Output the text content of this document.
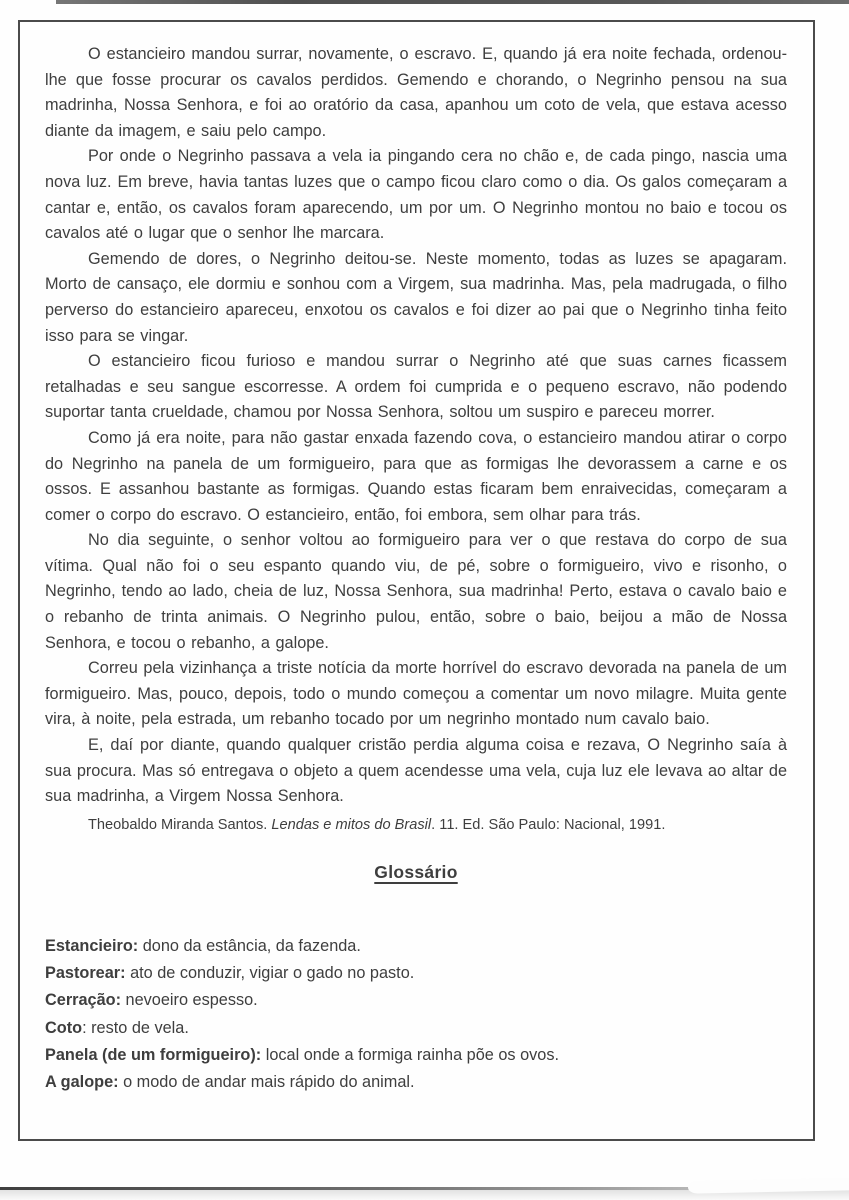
O estancieiro mandou surrar, novamente, o escravo. E, quando já era noite fechada, ordenou-lhe que fosse procurar os cavalos perdidos. Gemendo e chorando, o Negrinho pensou na sua madrinha, Nossa Senhora, e foi ao oratório da casa, apanhou um coto de vela, que estava acesso diante da imagem, e saiu pelo campo.

Por onde o Negrinho passava a vela ia pingando cera no chão e, de cada pingo, nascia uma nova luz. Em breve, havia tantas luzes que o campo ficou claro como o dia. Os galos começaram a cantar e, então, os cavalos foram aparecendo, um por um. O Negrinho montou no baio e tocou os cavalos até o lugar que o senhor lhe marcara.

Gemendo de dores, o Negrinho deitou-se. Neste momento, todas as luzes se apagaram. Morto de cansaço, ele dormiu e sonhou com a Virgem, sua madrinha. Mas, pela madrugada, o filho perverso do estancieiro apareceu, enxotou os cavalos e foi dizer ao pai que o Negrinho tinha feito isso para se vingar.

O estancieiro ficou furioso e mandou surrar o Negrinho até que suas carnes ficassem retalhadas e seu sangue escorresse. A ordem foi cumprida e o pequeno escravo, não podendo suportar tanta crueldade, chamou por Nossa Senhora, soltou um suspiro e pareceu morrer.

Como já era noite, para não gastar enxada fazendo cova, o estancieiro mandou atirar o corpo do Negrinho na panela de um formigueiro, para que as formigas lhe devorassem a carne e os ossos. E assanhou bastante as formigas. Quando estas ficaram bem enraivecidas, começaram a comer o corpo do escravo. O estancieiro, então, foi embora, sem olhar para trás.

No dia seguinte, o senhor voltou ao formigueiro para ver o que restava do corpo de sua vítima. Qual não foi o seu espanto quando viu, de pé, sobre o formigueiro, vivo e risonho, o Negrinho, tendo ao lado, cheia de luz, Nossa Senhora, sua madrinha! Perto, estava o cavalo baio e o rebanho de trinta animais. O Negrinho pulou, então, sobre o baio, beijou a mão de Nossa Senhora, e tocou o rebanho, a galope.

Correu pela vizinhança a triste notícia da morte horrível do escravo devorada na panela de um formigueiro. Mas, pouco, depois, todo o mundo começou a comentar um novo milagre. Muita gente vira, à noite, pela estrada, um rebanho tocado por um negrinho montado num cavalo baio.

E, daí por diante, quando qualquer cristão perdia alguma coisa e rezava, O Negrinho saía à sua procura. Mas só entregava o objeto a quem acendesse uma vela, cuja luz ele levava ao altar de sua madrinha, a Virgem Nossa Senhora.

Theobaldo Miranda Santos. Lendas e mitos do Brasil. 11. Ed. São Paulo: Nacional, 1991.

Glossário

Estancieiro: dono da estância, da fazenda.

Pastorear: ato de conduzir, vigiar o gado no pasto.

Cerração: nevoeiro espesso.

Coto: resto de vela.

Panela (de um formigueiro): local onde a formiga rainha põe os ovos.

A galope: o modo de andar mais rápido do animal.
